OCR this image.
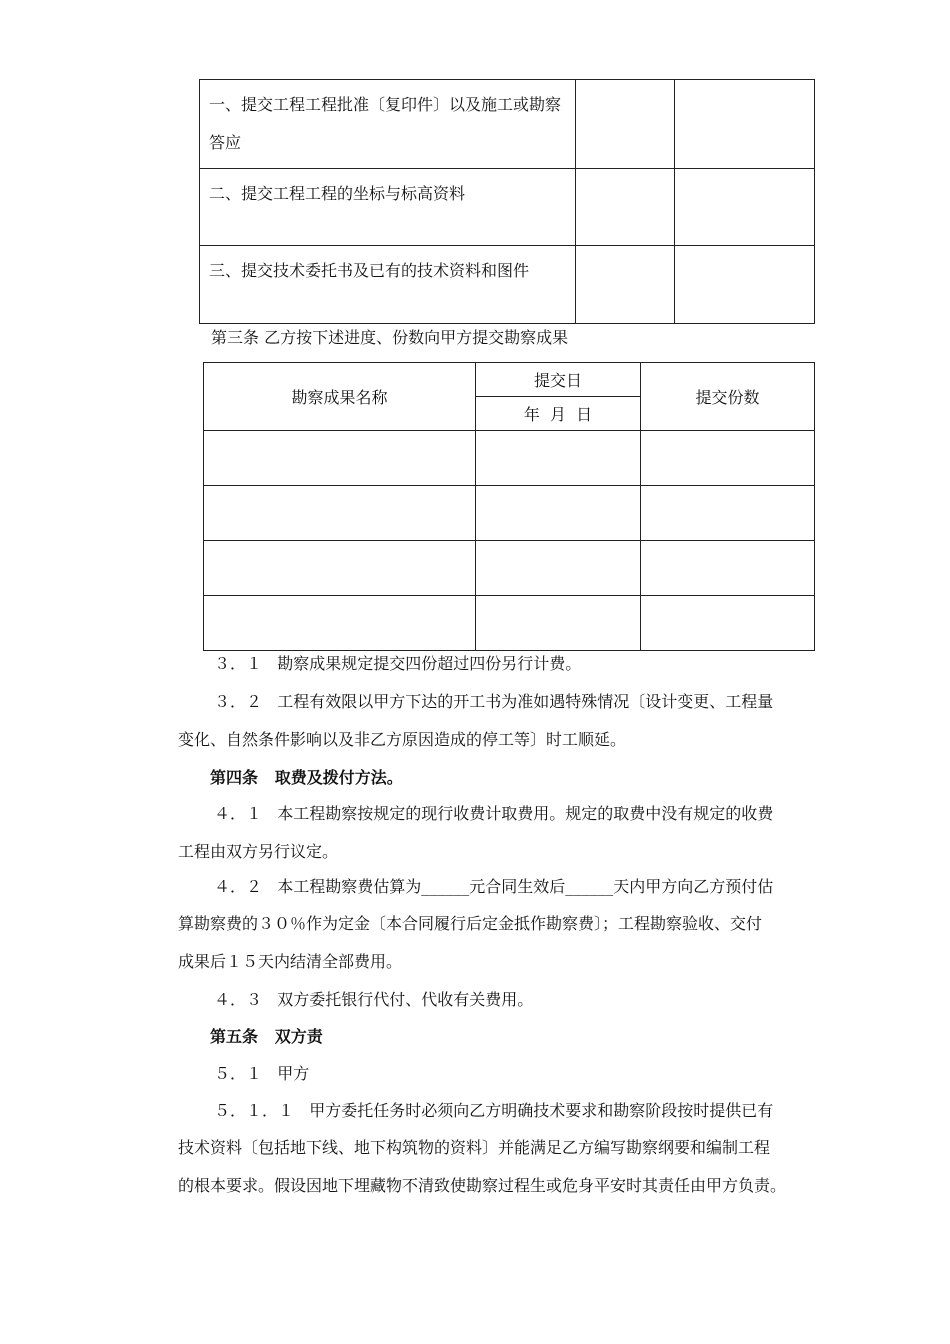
一、提交工程工程批准〔复印件〕以及施工或勘察答应		
二、提交工程工程的坐标与标高资料		
三、提交技术委托书及已有的技术资料和图件		
第三条 乙方按下述进度、份数向甲方提交勘察成果
勘察成果名称	提交日	提交份数
	年  月  日	

３．１   勘察成果规定提交四份超过四份另行计费。
３．２   工程有效限以甲方下达的开工书为准如遇特殊情况〔设计变更、工程量
变化、自然条件影响以及非乙方原因造成的停工等〕时工顺延。
第四条   取费及拨付方法。
４．１   本工程勘察按规定的现行收费计取费用。规定的取费中没有规定的收费
工程由双方另行议定。
４．２   本工程勘察费估算为______元合同生效后______天内甲方向乙方预付估
算勘察费的３０％作为定金〔本合同履行后定金抵作勘察费〕；工程勘察验收、交付
成果后１５天内结清全部费用。
４．３   双方委托银行代付、代收有关费用。
第五条   双方责
５．１   甲方
５．１．１   甲方委托任务时必须向乙方明确技术要求和勘察阶段按时提供已有
技术资料〔包括地下线、地下构筑物的资料〕并能满足乙方编写勘察纲要和编制工程
的根本要求。假设因地下埋藏物不清致使勘察过程生或危身平安时其责任由甲方负责。
